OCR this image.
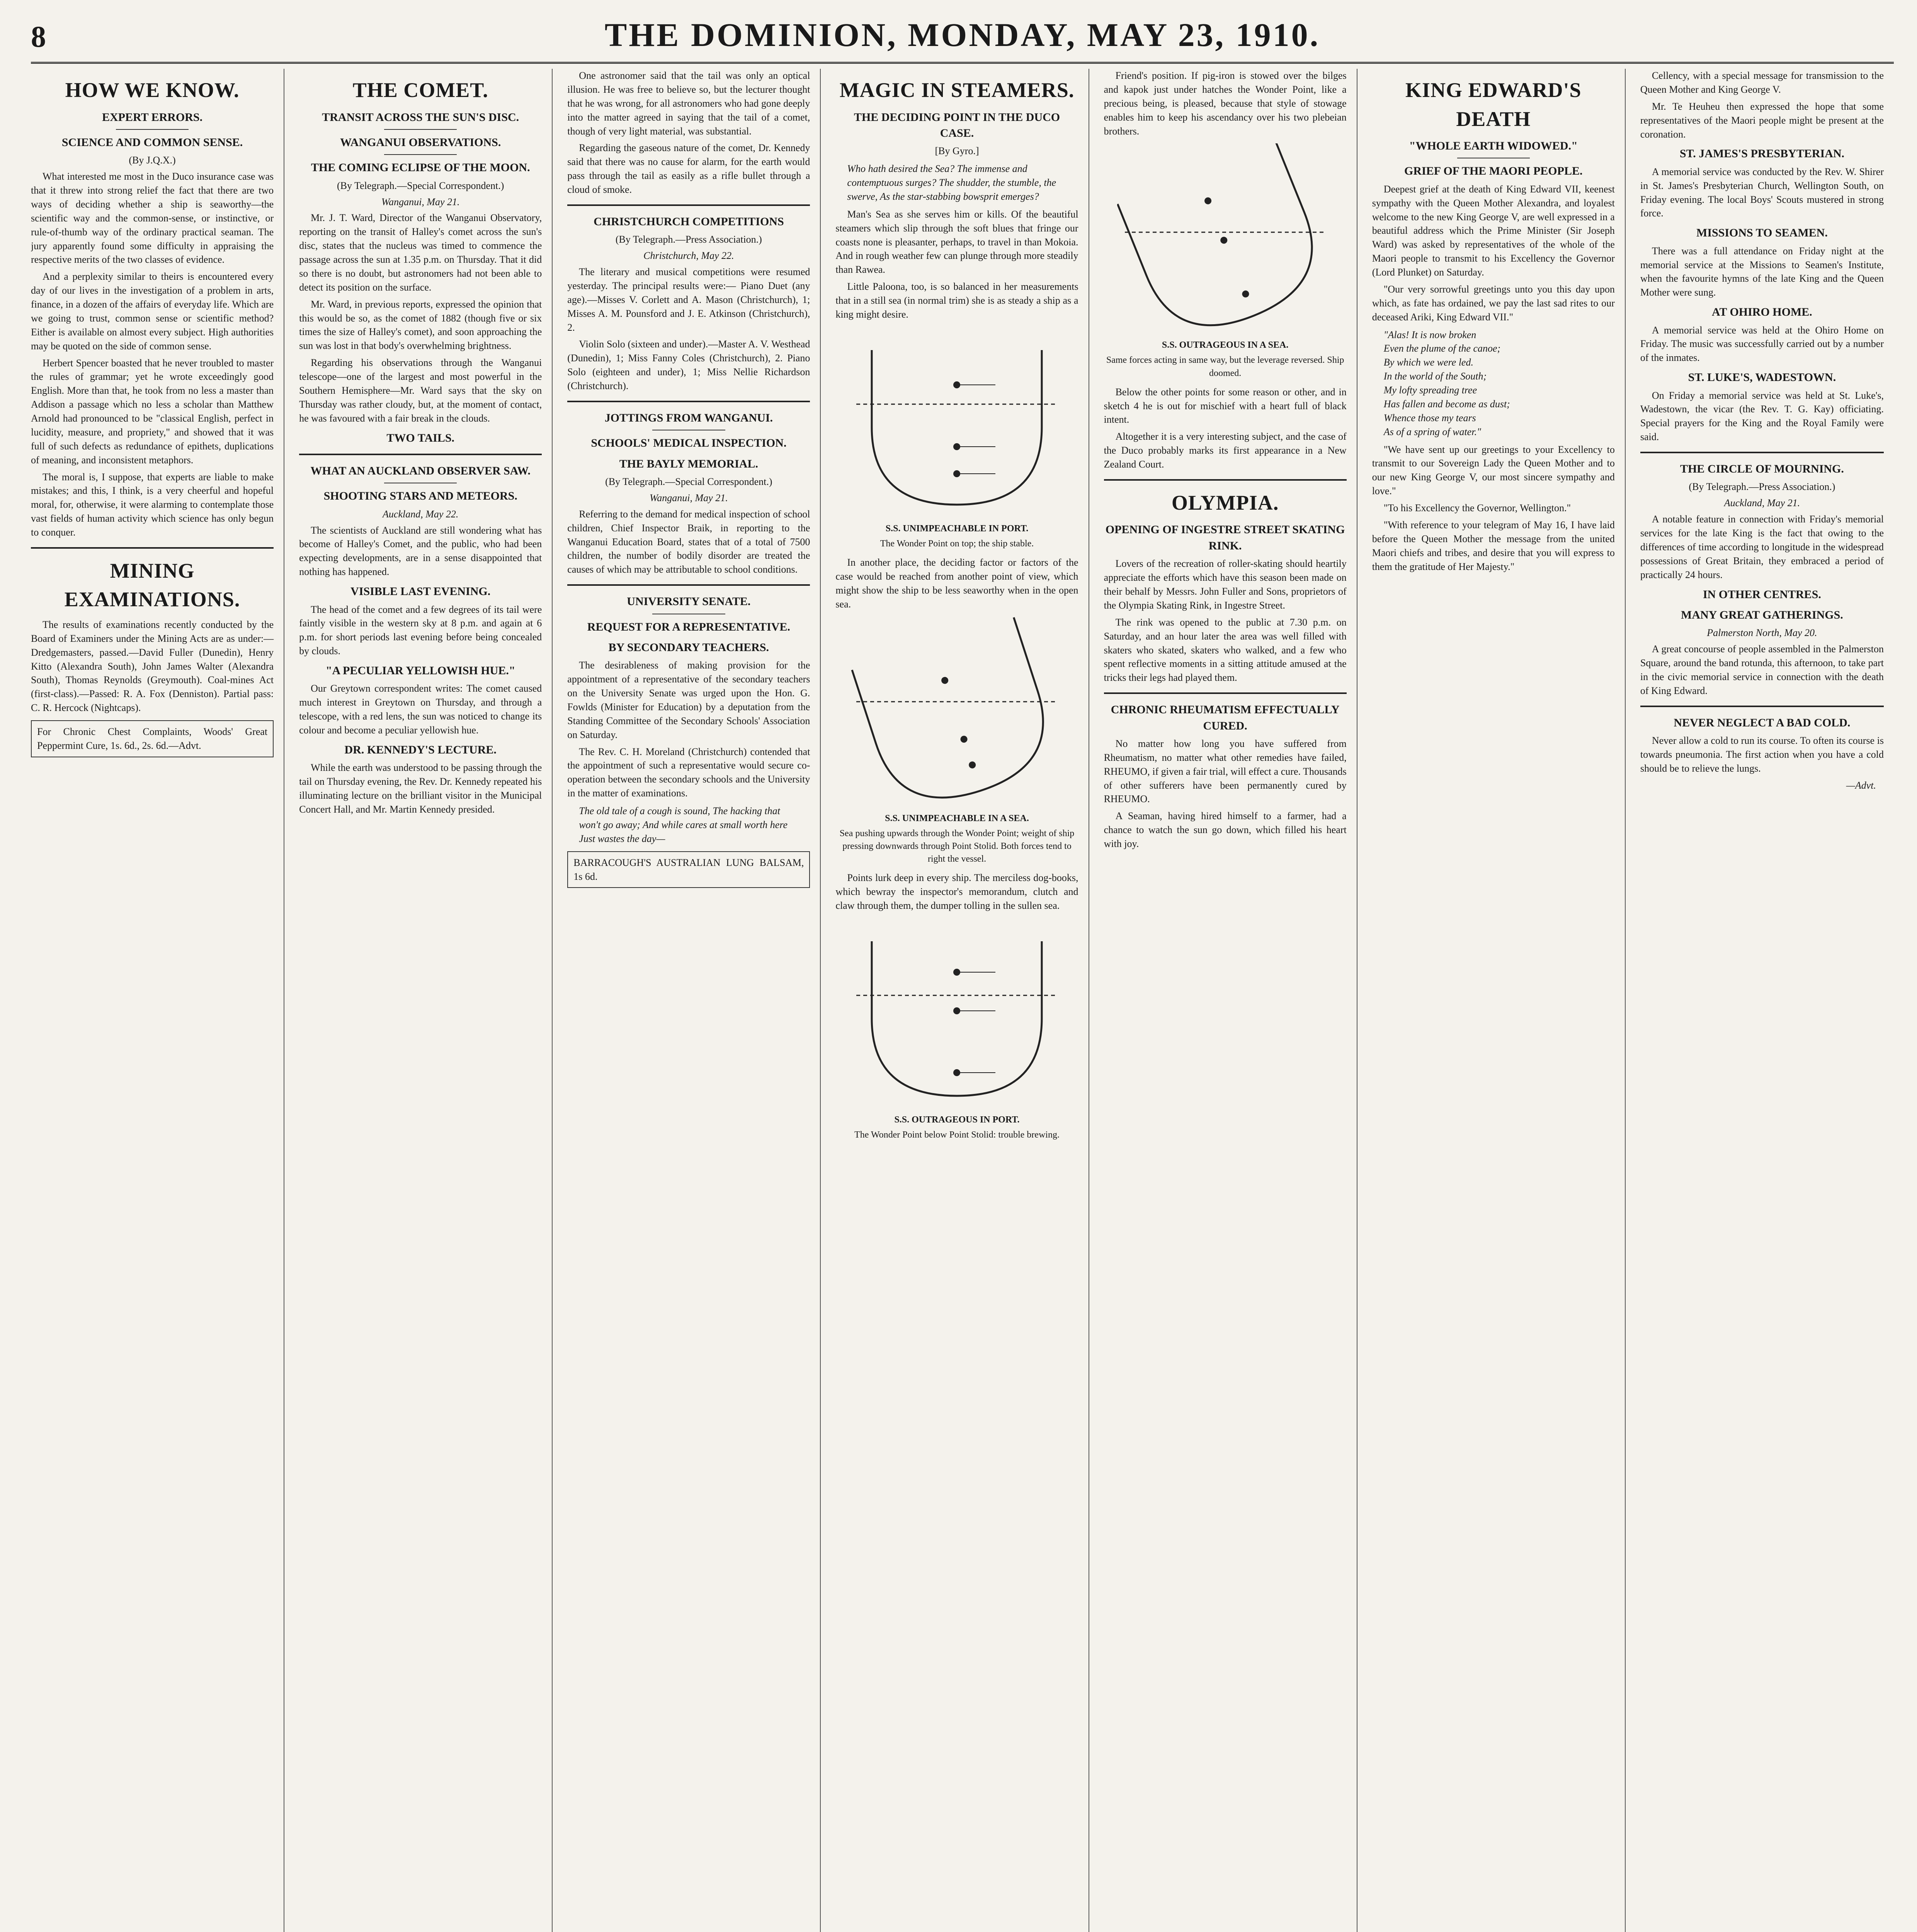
8	THE DOMINION, MONDAY, MAY 23, 1910.
HOW WE KNOW.
EXPERT ERRORS.
SCIENCE AND COMMON SENSE.
(By J.Q.X.)

What interested me most in the Duco insurance case was that it threw into strong relief the fact that there are two ways of deciding whether a ship is seaworthy—the scientific way and the common-sense, or instinctive, or rule-of-thumb way of the ordinary practical seaman. The jury apparently found some difficulty in appraising the respective merits of the two classes of evidence.

And a perplexity similar to theirs is encountered every day of our lives in the investigation of a problem in arts, finance, in a dozen of the affairs of everyday life. Which are we going to trust, common sense or scientific method? Either is available on almost every subject. High authorities may be quoted on the side of common sense.

Herbert Spencer boasted that he never troubled to master the rules of grammar; yet he wrote exceedingly good English. More than that, he took from no less a master than Addison a passage which no less a scholar than Matthew Arnold had pronounced to be "classical English, perfect in lucidity, measure, and propriety," and showed that it was full of such defects as redundance of epithets, duplications of meaning, and inconsistent metaphors.

The moral is, I suppose, that experts are liable to make mistakes; and this, I think, is a very cheerful and hopeful moral, for, otherwise, it were alarming to contemplate those vast fields of human activity which science has only begun to conquer.

MINING EXAMINATIONS.

The results of examinations recently conducted by the Board of Examiners under the Mining Acts are as under:— Dredgemasters, passed.—David Fuller (Dunedin), Henry Kitto (Alexandra South), John James Walter (Alexandra South), Thomas Reynolds (Greymouth). Coal-mines Act (first-class).—Passed: R. A. Fox (Denniston). Partial pass: C. R. Hercock (Nightcaps).

For Chronic Chest Complaints, Woods' Great Peppermint Cure, 1s. 6d., 2s. 6d.—Advt.
THE COMET.
TRANSIT ACROSS THE SUN'S DISC.
WANGANUI OBSERVATIONS.
THE COMING ECLIPSE OF THE MOON.
(By Telegraph.—Special Correspondent.)
Wanganui, May 21.

Mr. J. T. Ward, Director of the Wanganui Observatory, reporting on the transit of Halley's comet across the sun's disc, states that the nucleus was timed to commence the passage across the sun at 1.35 p.m. on Thursday. That it did so there is no doubt, but astronomers had not been able to detect its position on the surface.

Mr. Ward, in previous reports, expressed the opinion that this would be so, as the comet of 1882 (though five or six times the size of Halley's comet), and soon approaching the sun was lost in that body's overwhelming brightness.

Regarding his observations through the Wanganui telescope—one of the largest and most powerful in the Southern Hemisphere—Mr. Ward says that the sky on Thursday was rather cloudy, but, at the moment of contact, he was favoured with a fair break in the clouds.

TWO TAILS.
WHAT AN AUCKLAND OBSERVER SAW.
SHOOTING STARS AND METEORS.
Auckland, May 22.

The scientists of Auckland are still wondering what has become of Halley's Comet, and the public, who had been expecting developments, are in a sense disappointed that nothing has happened.

VISIBLE LAST EVENING.

The head of the comet and a few degrees of its tail were faintly visible in the western sky at 8 p.m. and again at 6 p.m. for short periods last evening before being concealed by clouds.

"A PECULIAR YELLOWISH HUE."

Our Greytown correspondent writes: The comet caused much interest in Greytown on Thursday, and through a telescope, with a red lens, the sun was noticed to change its colour and become a peculiar yellowish hue.

DR. KENNEDY'S LECTURE.

While the earth was understood to be passing through the tail on Thursday evening, the Rev. Dr. Kennedy repeated his illuminating lecture on the brilliant visitor in the Municipal Concert Hall, and Mr. Martin Kennedy presided.

One astronomer said that the tail was only an optical illusion. He was free to believe so, but the lecturer thought that he was wrong, for all astronomers who had gone deeply into the matter agreed in saying that the tail of a comet, though of very light material, was substantial.

Regarding the gaseous nature of the comet, Dr. Kennedy said that there was no cause for alarm, for the earth would pass through the tail as easily as a rifle bullet through a cloud of smoke.

CHRISTCHURCH COMPETITIONS
(By Telegraph.—Press Association.)
Christchurch, May 22.

The literary and musical competitions were resumed yesterday. The principal results were:— Piano Duet (any age).—Misses V. Corlett and A. Mason (Christchurch), 1; Misses A. M. Pounsford and J. E. Atkinson (Christchurch), 2.

Violin Solo (sixteen and under).—Master A. V. Westhead (Dunedin), 1; Miss Fanny Coles (Christchurch), 2. Piano Solo (eighteen and under), 1; Miss Nellie Richardson (Christchurch).

JOTTINGS FROM WANGANUI.
SCHOOLS' MEDICAL INSPECTION.
THE BAYLY MEMORIAL.
(By Telegraph.—Special Correspondent.)
Wanganui, May 21.

Referring to the demand for medical inspection of school children, Chief Inspector Braik, in reporting to the Wanganui Education Board, states that of a total of 7500 children, the number of bodily disorder are treated the causes of which may be attributable to school conditions.

UNIVERSITY SENATE.
REQUEST FOR A REPRESENTATIVE.
BY SECONDARY TEACHERS.

The desirableness of making provision for the appointment of a representative of the secondary teachers on the University Senate was urged upon the Hon. G. Fowlds (Minister for Education) by a deputation from the Standing Committee of the Secondary Schools' Association on Saturday.

The Rev. C. H. Moreland (Christchurch) contended that the appointment of such a representative would secure co-operation between the secondary schools and the University in the matter of examinations.

The old tale of a cough is sound, The hacking that won't go away; And while cares at small worth here Just wastes the day—
BARRACOUGH'S AUSTRALIAN LUNG BALSAM, 1s 6d.
MAGIC IN STEAMERS.
THE DECIDING POINT IN THE DUCO CASE.
[By Gyro.]
Who hath desired the Sea? The immense and contemptuous surges? The shudder, the stumble, the swerve, As the star-stabbing bowsprit emerges?

Man's Sea as she serves him or kills. Of the beautiful steamers which slip through the soft blues that fringe our coasts none is pleasanter, perhaps, to travel in than Mokoia. And in rough weather few can plunge through more steadily than Rawea.

Little Paloona, too, is so balanced in her measurements that in a still sea (in normal trim) she is as steady a ship as a king might desire.

S.S. UNIMPEACHABLE IN PORT.
The Wonder Point on top; the ship stable.

In another place, the deciding factor or factors of the case would be reached from another point of view, which might show the ship to be less seaworthy when in the open sea.

S.S. UNIMPEACHABLE IN A SEA.
Sea pushing upwards through the Wonder Point; weight of ship pressing downwards through Point Stolid. Both forces tend to right the vessel.

Points lurk deep in every ship. The merciless dog-books, which bewray the inspector's memorandum, clutch and claw through them, the dumper tolling in the sullen sea.

S.S. OUTRAGEOUS IN PORT.
The Wonder Point below Point Stolid: trouble brewing.

Friend's position. If pig-iron is stowed over the bilges and kapok just under hatches the Wonder Point, like a precious being, is pleased, because that style of stowage enables him to keep his ascendancy over his two plebeian brothers.

S.S. OUTRAGEOUS IN A SEA.
Same forces acting in same way, but the leverage reversed. Ship doomed.

Below the other points for some reason or other, and in sketch 4 he is out for mischief with a heart full of black intent.

Altogether it is a very interesting subject, and the case of the Duco probably marks its first appearance in a New Zealand Court.

OLYMPIA.
OPENING OF INGESTRE STREET SKATING RINK.

Lovers of the recreation of roller-skating should heartily appreciate the efforts which have this season been made on their behalf by Messrs. John Fuller and Sons, proprietors of the Olympia Skating Rink, in Ingestre Street.

The rink was opened to the public at 7.30 p.m. on Saturday, and an hour later the area was well filled with skaters who skated, skaters who walked, and a few who spent reflective moments in a sitting attitude amused at the tricks their legs had played them.

CHRONIC RHEUMATISM EFFECTUALLY CURED.

No matter how long you have suffered from Rheumatism, no matter what other remedies have failed, RHEUMO, if given a fair trial, will effect a cure. Thousands of other sufferers have been permanently cured by RHEUMO.

A Seaman, having hired himself to a farmer, had a chance to watch the sun go down, which filled his heart with joy.

KING EDWARD'S DEATH
"WHOLE EARTH WIDOWED."
GRIEF OF THE MAORI PEOPLE.

Deepest grief at the death of King Edward VII, keenest sympathy with the Queen Mother Alexandra, and loyalest welcome to the new King George V, are well expressed in a beautiful address which the Prime Minister (Sir Joseph Ward) was asked by representatives of the whole of the Maori people to transmit to his Excellency the Governor (Lord Plunket) on Saturday.

"Our very sorrowful greetings unto you this day upon which, as fate has ordained, we pay the last sad rites to our deceased Ariki, King Edward VII."

"Alas! It is now broken
Even the plume of the canoe;
By which we were led.
In the world of the South;
My lofty spreading tree
Has fallen and become as dust;
Whence those my tears
As of a spring of water."

"We have sent up our greetings to your Excellency to transmit to our Sovereign Lady the Queen Mother and to our new King George V, our most sincere sympathy and love."

"To his Excellency the Governor, Wellington."

"With reference to your telegram of May 16, I have laid before the Queen Mother the message from the united Maori chiefs and tribes, and desire that you will express to them the gratitude of Her Majesty."

Cellency, with a special message for transmission to the Queen Mother and King George V.

Mr. Te Heuheu then expressed the hope that some representatives of the Maori people might be present at the coronation.

ST. JAMES'S PRESBYTERIAN.

A memorial service was conducted by the Rev. W. Shirer in St. James's Presbyterian Church, Wellington South, on Friday evening. The local Boys' Scouts mustered in strong force.

MISSIONS TO SEAMEN.

There was a full attendance on Friday night at the memorial service at the Missions to Seamen's Institute, when the favourite hymns of the late King and the Queen Mother were sung.

AT OHIRO HOME.

A memorial service was held at the Ohiro Home on Friday. The music was successfully carried out by a number of the inmates.

ST. LUKE'S, WADESTOWN.

On Friday a memorial service was held at St. Luke's, Wadestown, the vicar (the Rev. T. G. Kay) officiating. Special prayers for the King and the Royal Family were said.

THE CIRCLE OF MOURNING.
(By Telegraph.—Press Association.)
Auckland, May 21.

A notable feature in connection with Friday's memorial services for the late King is the fact that owing to the differences of time according to longitude in the widespread possessions of Great Britain, they embraced a period of practically 24 hours.

IN OTHER CENTRES.
MANY GREAT GATHERINGS.
Palmerston North, May 20.

A great concourse of people assembled in the Palmerston Square, around the band rotunda, this afternoon, to take part in the civic memorial service in connection with the death of King Edward.

NEVER NEGLECT A BAD COLD.

Never allow a cold to run its course. To often its course is towards pneumonia. The first action when you have a cold should be to relieve the lungs.

—Advt.
